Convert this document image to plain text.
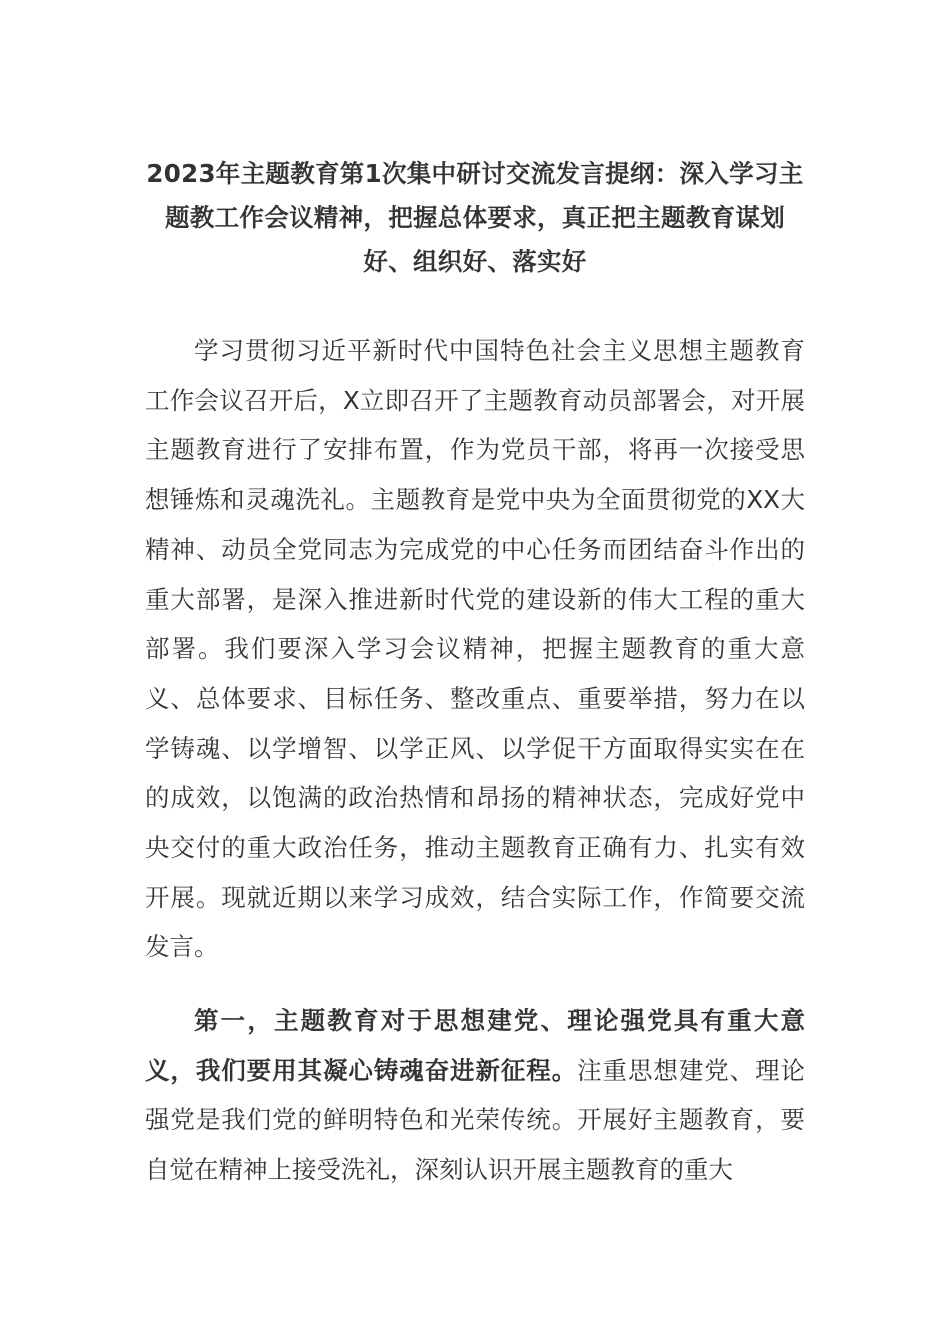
2023年主题教育第1次集中研讨交流发言提纲：深入学习主题教工作会议精神，把握总体要求，真正把主题教育谋划好、组织好、落实好

学习贯彻习近平新时代中国特色社会主义思想主题教育工作会议召开后，X立即召开了主题教育动员部署会，对开展主题教育进行了安排布置，作为党员干部，将再一次接受思想锤炼和灵魂洗礼。主题教育是党中央为全面贯彻党的XX大精神、动员全党同志为完成党的中心任务而团结奋斗作出的重大部署，是深入推进新时代党的建设新的伟大工程的重大部署。我们要深入学习会议精神，把握主题教育的重大意义、总体要求、目标任务、整改重点、重要举措，努力在以学铸魂、以学增智、以学正风、以学促干方面取得实实在在的成效，以饱满的政治热情和昂扬的精神状态，完成好党中央交付的重大政治任务，推动主题教育正确有力、扎实有效开展。现就近期以来学习成效，结合实际工作，作简要交流发言。

第一，主题教育对于思想建党、理论强党具有重大意义，我们要用其凝心铸魂奋进新征程。注重思想建党、理论强党是我们党的鲜明特色和光荣传统。开展好主题教育，要自觉在精神上接受洗礼，深刻认识开展主题教育的重大
